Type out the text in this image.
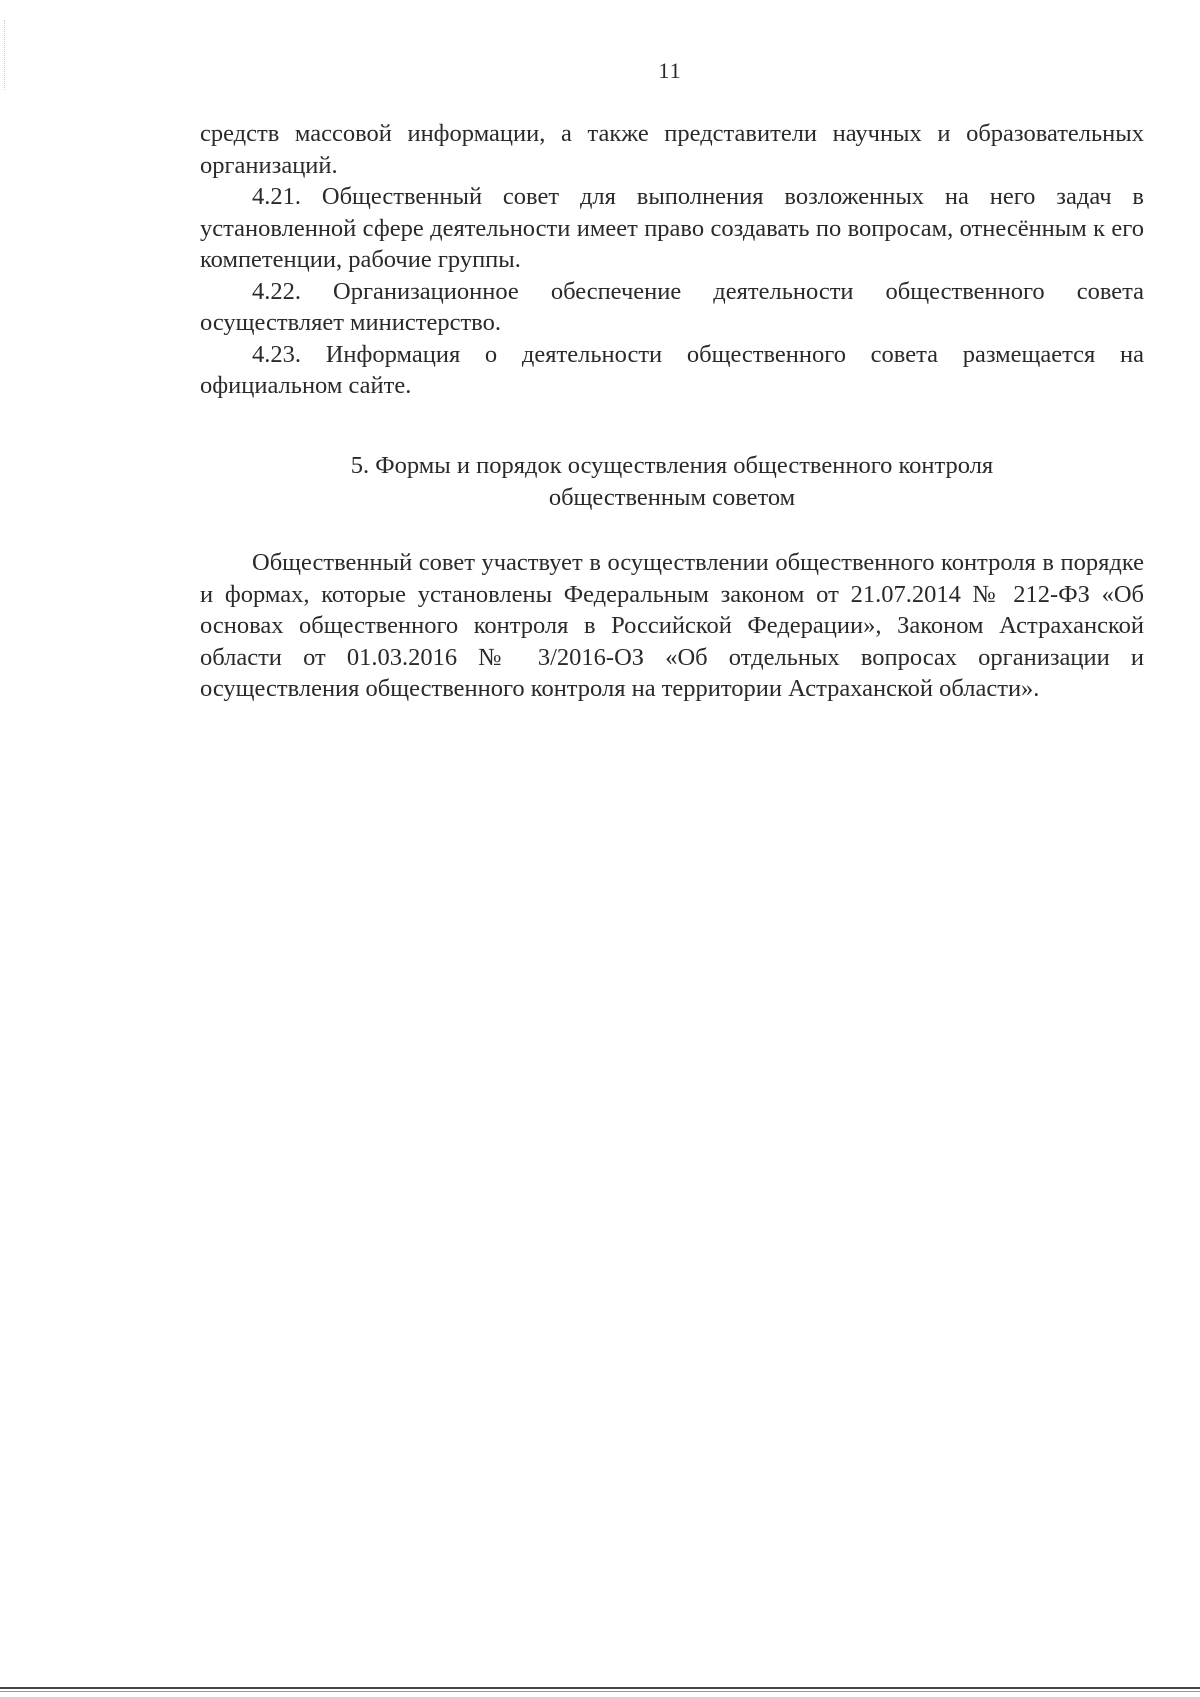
11

средств массовой информации, а также представители научных и образовательных организаций.

4.21. Общественный совет для выполнения возложенных на него задач в установленной сфере деятельности имеет право создавать по вопросам, отнесённым к его компетенции, рабочие группы.

4.22. Организационное обеспечение деятельности общественного совета осуществляет министерство.

4.23. Информация о деятельности общественного совета размещается на официальном сайте.

5. Формы и порядок осуществления общественного контроля
общественным советом

Общественный совет участвует в осуществлении общественного контроля в порядке и формах, которые установлены Федеральным законом от 21.07.2014 № 212-ФЗ «Об основах общественного контроля в Российской Федерации», Законом Астраханской области от 01.03.2016 № 3/2016-ОЗ «Об отдельных вопросах организации и осуществления общественного контроля на территории Астраханской области».
